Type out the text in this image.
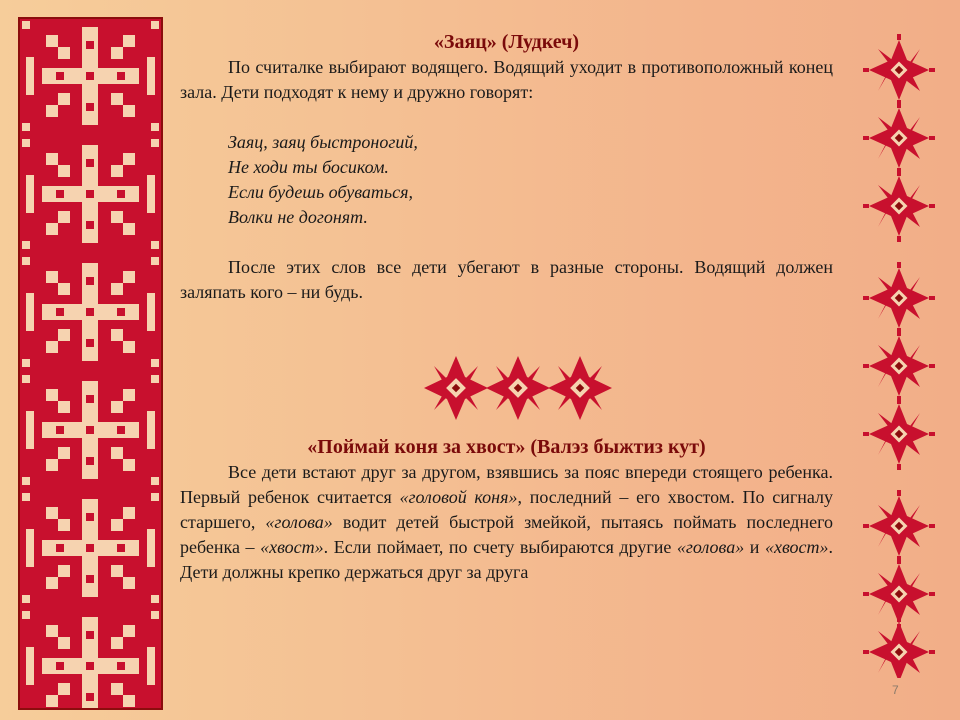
«Заяц» (Лудкеч)

По считалке выбирают водящего. Водящий уходит в противоположный конец зала. Дети подходят к нему и дружно говорят:

Заяц, заяц быстроногий,

Не ходи ты босиком.

Если будешь обуваться,

Волки не догонят.

После этих слов все дети убегают в разные стороны. Водящий должен заляпать кого – ни будь.

«Поймай коня за хвост» (Валэз быжтиз кут)

Все дети встают друг за другом, взявшись за пояс впереди стоящего ребенка. Первый ребенок считается «головой коня», последний – его хвостом. По сигналу старшего, «голова» водит детей быстрой змейкой, пытаясь поймать последнего ребенка – «хвост». Если поймает, по счету выбираются другие «голова» и «хвост». Дети должны крепко держаться друг за друга

7
